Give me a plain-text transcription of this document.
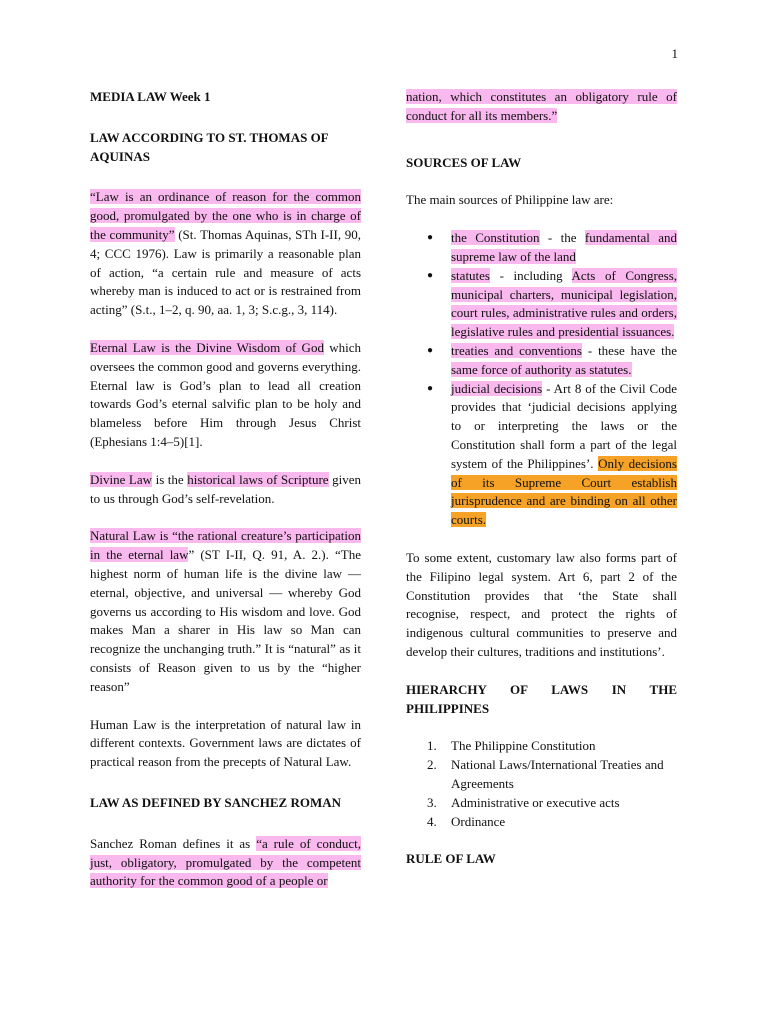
1

MEDIA LAW Week 1

LAW ACCORDING TO ST. THOMAS OF AQUINAS

“Law is an ordinance of reason for the common good, promulgated by the one who is in charge of the community” (St. Thomas Aquinas, STh I-II, 90, 4; CCC 1976). Law is primarily a reasonable plan of action, “a certain rule and measure of acts whereby man is induced to act or is restrained from acting” (S.t., 1–2, q. 90, aa. 1, 3; S.c.g., 3, 114).

Eternal Law is the Divine Wisdom of God which oversees the common good and governs everything. Eternal law is God’s plan to lead all creation towards God’s eternal salvific plan to be holy and blameless before Him through Jesus Christ (Ephesians 1:4–5)[1].

Divine Law is the historical laws of Scripture given to us through God’s self-revelation.

Natural Law is “the rational creature’s participation in the eternal law” (ST I-II, Q. 91, A. 2.). “The highest norm of human life is the divine law — eternal, objective, and universal — whereby God governs us according to His wisdom and love. God makes Man a sharer in His law so Man can recognize the unchanging truth.” It is “natural” as it consists of Reason given to us by the “higher reason”

Human Law is the interpretation of natural law in different contexts. Government laws are dictates of practical reason from the precepts of Natural Law.

LAW AS DEFINED BY SANCHEZ ROMAN

Sanchez Roman defines it as “a rule of conduct, just, obligatory, promulgated by the competent authority for the common good of a people or

nation, which constitutes an obligatory rule of conduct for all its members.”

SOURCES OF LAW

The main sources of Philippine law are:

● the Constitution - the fundamental and supreme law of the land
● statutes - including Acts of Congress, municipal charters, municipal legislation, court rules, administrative rules and orders, legislative rules and presidential issuances.
● treaties and conventions - these have the same force of authority as statutes.
● judicial decisions - Art 8 of the Civil Code provides that ‘judicial decisions applying to or interpreting the laws or the Constitution shall form a part of the legal system of the Philippines’. Only decisions of its Supreme Court establish jurisprudence and are binding on all other courts.

To some extent, customary law also forms part of the Filipino legal system. Art 6, part 2 of the Constitution provides that ‘the State shall recognise, respect, and protect the rights of indigenous cultural communities to preserve and develop their cultures, traditions and institutions’.

HIERARCHY OF LAWS IN THE PHILIPPINES

1. The Philippine Constitution
2. National Laws/International Treaties and Agreements
3. Administrative or executive acts
4. Ordinance

RULE OF LAW
